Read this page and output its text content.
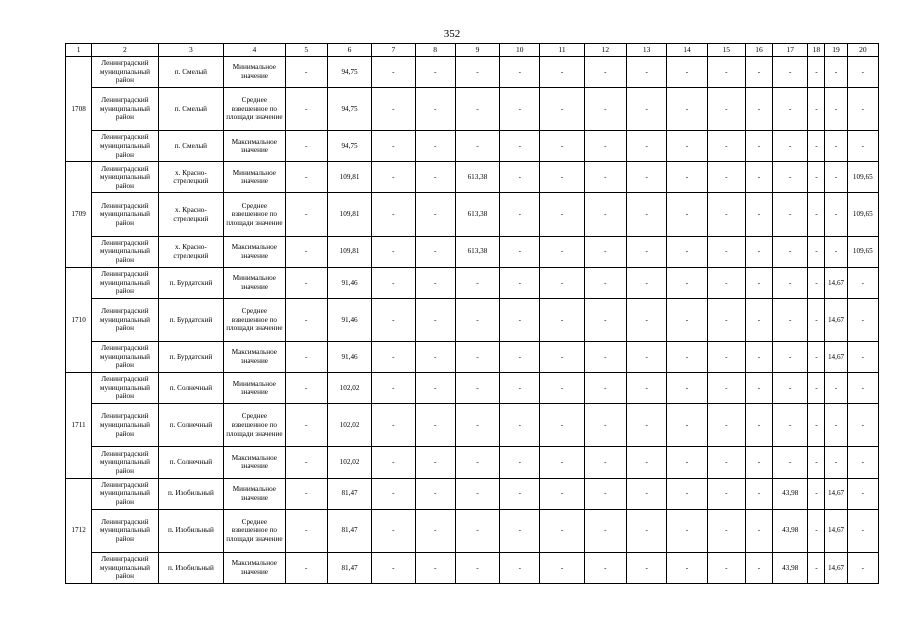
352
1	2	3	4	5	6	7	8	9	10	11	12	13	14	15	16	17	18	19	20
1708	Ленинградский муниципальный район	п. Смелый	Минимальное значение	-	94,75	-	-	-	-	-	-	-	-	-	-	-	-	-	-
	Ленинградский муниципальный район	п. Смелый	Среднее взвешенное по площади значение	-	94,75	-	-	-	-	-	-	-	-	-	-	-	-	-	-
	Ленинградский муниципальный район	п. Смелый	Максимальное значение	-	94,75	-	-	-	-	-	-	-	-	-	-	-	-	-	-
1709	Ленинградский муниципальный район	х. Красно-стрелецкий	Минимальное значение	-	109,81	-	-	613,38	-	-	-	-	-	-	-	-	-	-	109,65
	Ленинградский муниципальный район	х. Красно-стрелецкий	Среднее взвешенное по площади значение	-	109,81	-	-	613,38	-	-	-	-	-	-	-	-	-	-	109,65
	Ленинградский муниципальный район	х. Красно-стрелецкий	Максимальное значение	-	109,81	-	-	613,38	-	-	-	-	-	-	-	-	-	-	109,65
1710	Ленинградский муниципальный район	п. Бурдатский	Минимальное значение	-	91,46	-	-	-	-	-	-	-	-	-	-	-	-	14,67	-
	Ленинградский муниципальный район	п. Бурдатский	Среднее взвешенное по площади значение	-	91,46	-	-	-	-	-	-	-	-	-	-	-	-	14,67	-
	Ленинградский муниципальный район	п. Бурдатский	Максимальное значение	-	91,46	-	-	-	-	-	-	-	-	-	-	-	-	14,67	-
1711	Ленинградский муниципальный район	п. Солнечный	Минимальное значение	-	102,02	-	-	-	-	-	-	-	-	-	-	-	-	-	-
	Ленинградский муниципальный район	п. Солнечный	Среднее взвешенное по площади значение	-	102,02	-	-	-	-	-	-	-	-	-	-	-	-	-	-
	Ленинградский муниципальный район	п. Солнечный	Максимальное значение	-	102,02	-	-	-	-	-	-	-	-	-	-	-	-	-	-
1712	Ленинградский муниципальный район	п. Изобильный	Минимальное значение	-	81,47	-	-	-	-	-	-	-	-	-	-	43,98	-	14,67	-
	Ленинградский муниципальный район	п. Изобильный	Среднее взвешенное по площади значение	-	81,47	-	-	-	-	-	-	-	-	-	-	43,98	-	14,67	-
	Ленинградский муниципальный район	п. Изобильный	Максимальное значение	-	81,47	-	-	-	-	-	-	-	-	-	-	43,98	-	14,67	-
